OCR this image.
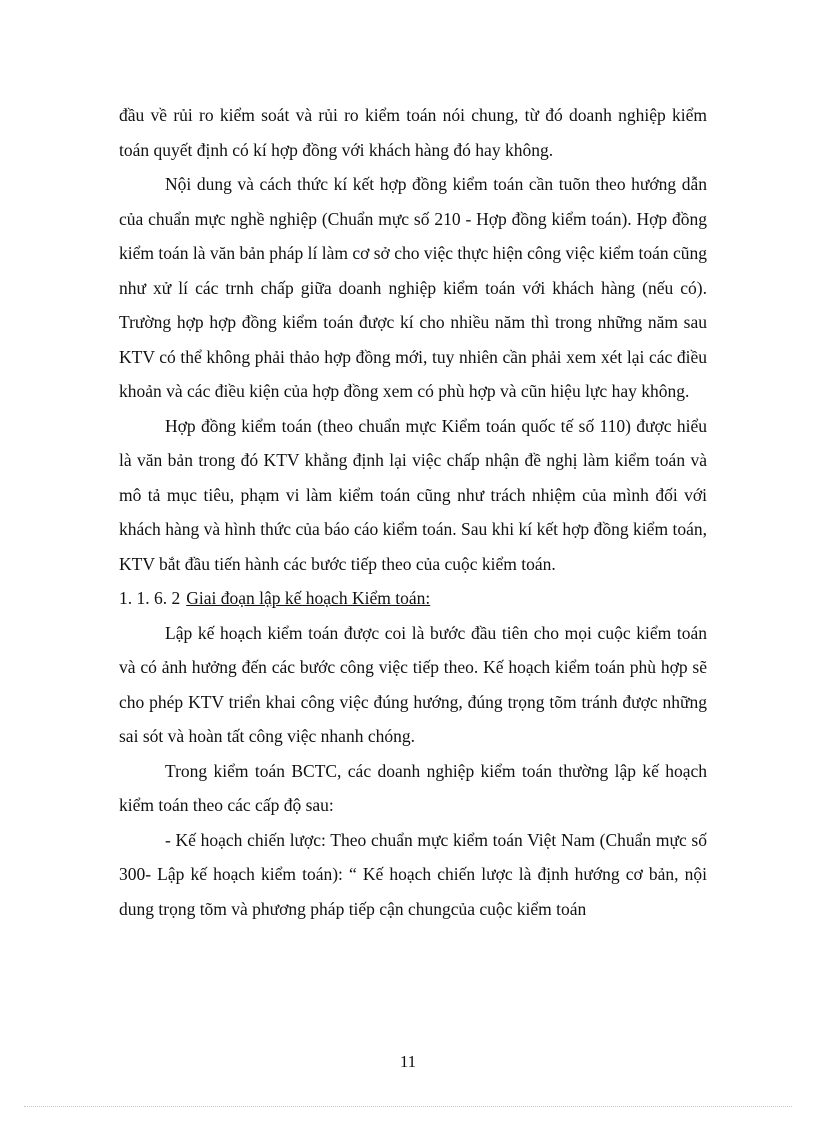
đầu về rủi ro kiểm soát và rủi ro kiểm toán nói chung, từ đó doanh nghiệp kiểm toán quyết định có kí hợp đồng với khách hàng đó hay không.

Nội dung và cách thức kí kết hợp đồng kiểm toán cần tuõn theo hướng dẫn của chuẩn mực nghề nghiệp (Chuẩn mực số 210 - Hợp đồng kiểm toán). Hợp đồng kiểm toán là văn bản pháp lí làm cơ sở cho việc thực hiện công việc kiểm toán cũng như xử lí các trnh chấp giữa doanh nghiệp kiểm toán với khách hàng (nếu có). Trường hợp hợp đồng kiểm toán được kí cho nhiều năm thì trong những năm sau KTV có thể không phải thảo hợp đồng mới, tuy nhiên cần phải xem xét lại các điều khoản và các điều kiện của hợp đồng xem có phù hợp và cũn hiệu lực hay không.

Hợp đồng kiểm toán (theo chuẩn mực Kiểm toán quốc tế số 110) được hiểu là văn bản trong đó KTV khẳng định lại việc chấp nhận đề nghị làm kiểm toán và mô tả mục tiêu, phạm vi làm kiểm toán cũng như trách nhiệm của mình đối với khách hàng và hình thức của báo cáo kiểm toán. Sau khi kí kết hợp đồng kiểm toán, KTV bắt đầu tiến hành các bước tiếp theo của cuộc kiểm toán.

1. 1. 6. 2 Giai đoạn lập kế hoạch Kiểm toán:

Lập kế hoạch kiểm toán được coi là bước đầu tiên cho mọi cuộc kiểm toán và có ảnh hưởng đến các bước công việc tiếp theo. Kế hoạch kiểm toán phù hợp sẽ cho phép KTV triển khai công việc đúng hướng, đúng trọng tõm tránh được những sai sót và hoàn tất công việc nhanh chóng.

Trong kiểm toán BCTC, các doanh nghiệp kiểm toán thường lập kế hoạch kiểm toán theo các cấp độ sau:

- Kế hoạch chiến lược: Theo chuẩn mực kiểm toán Việt Nam (Chuẩn mực số 300- Lập kế hoạch kiểm toán): “ Kế hoạch chiến lược là định hướng cơ bản, nội dung trọng tõm và phương pháp tiếp cận chungcủa cuộc kiểm toán

11
